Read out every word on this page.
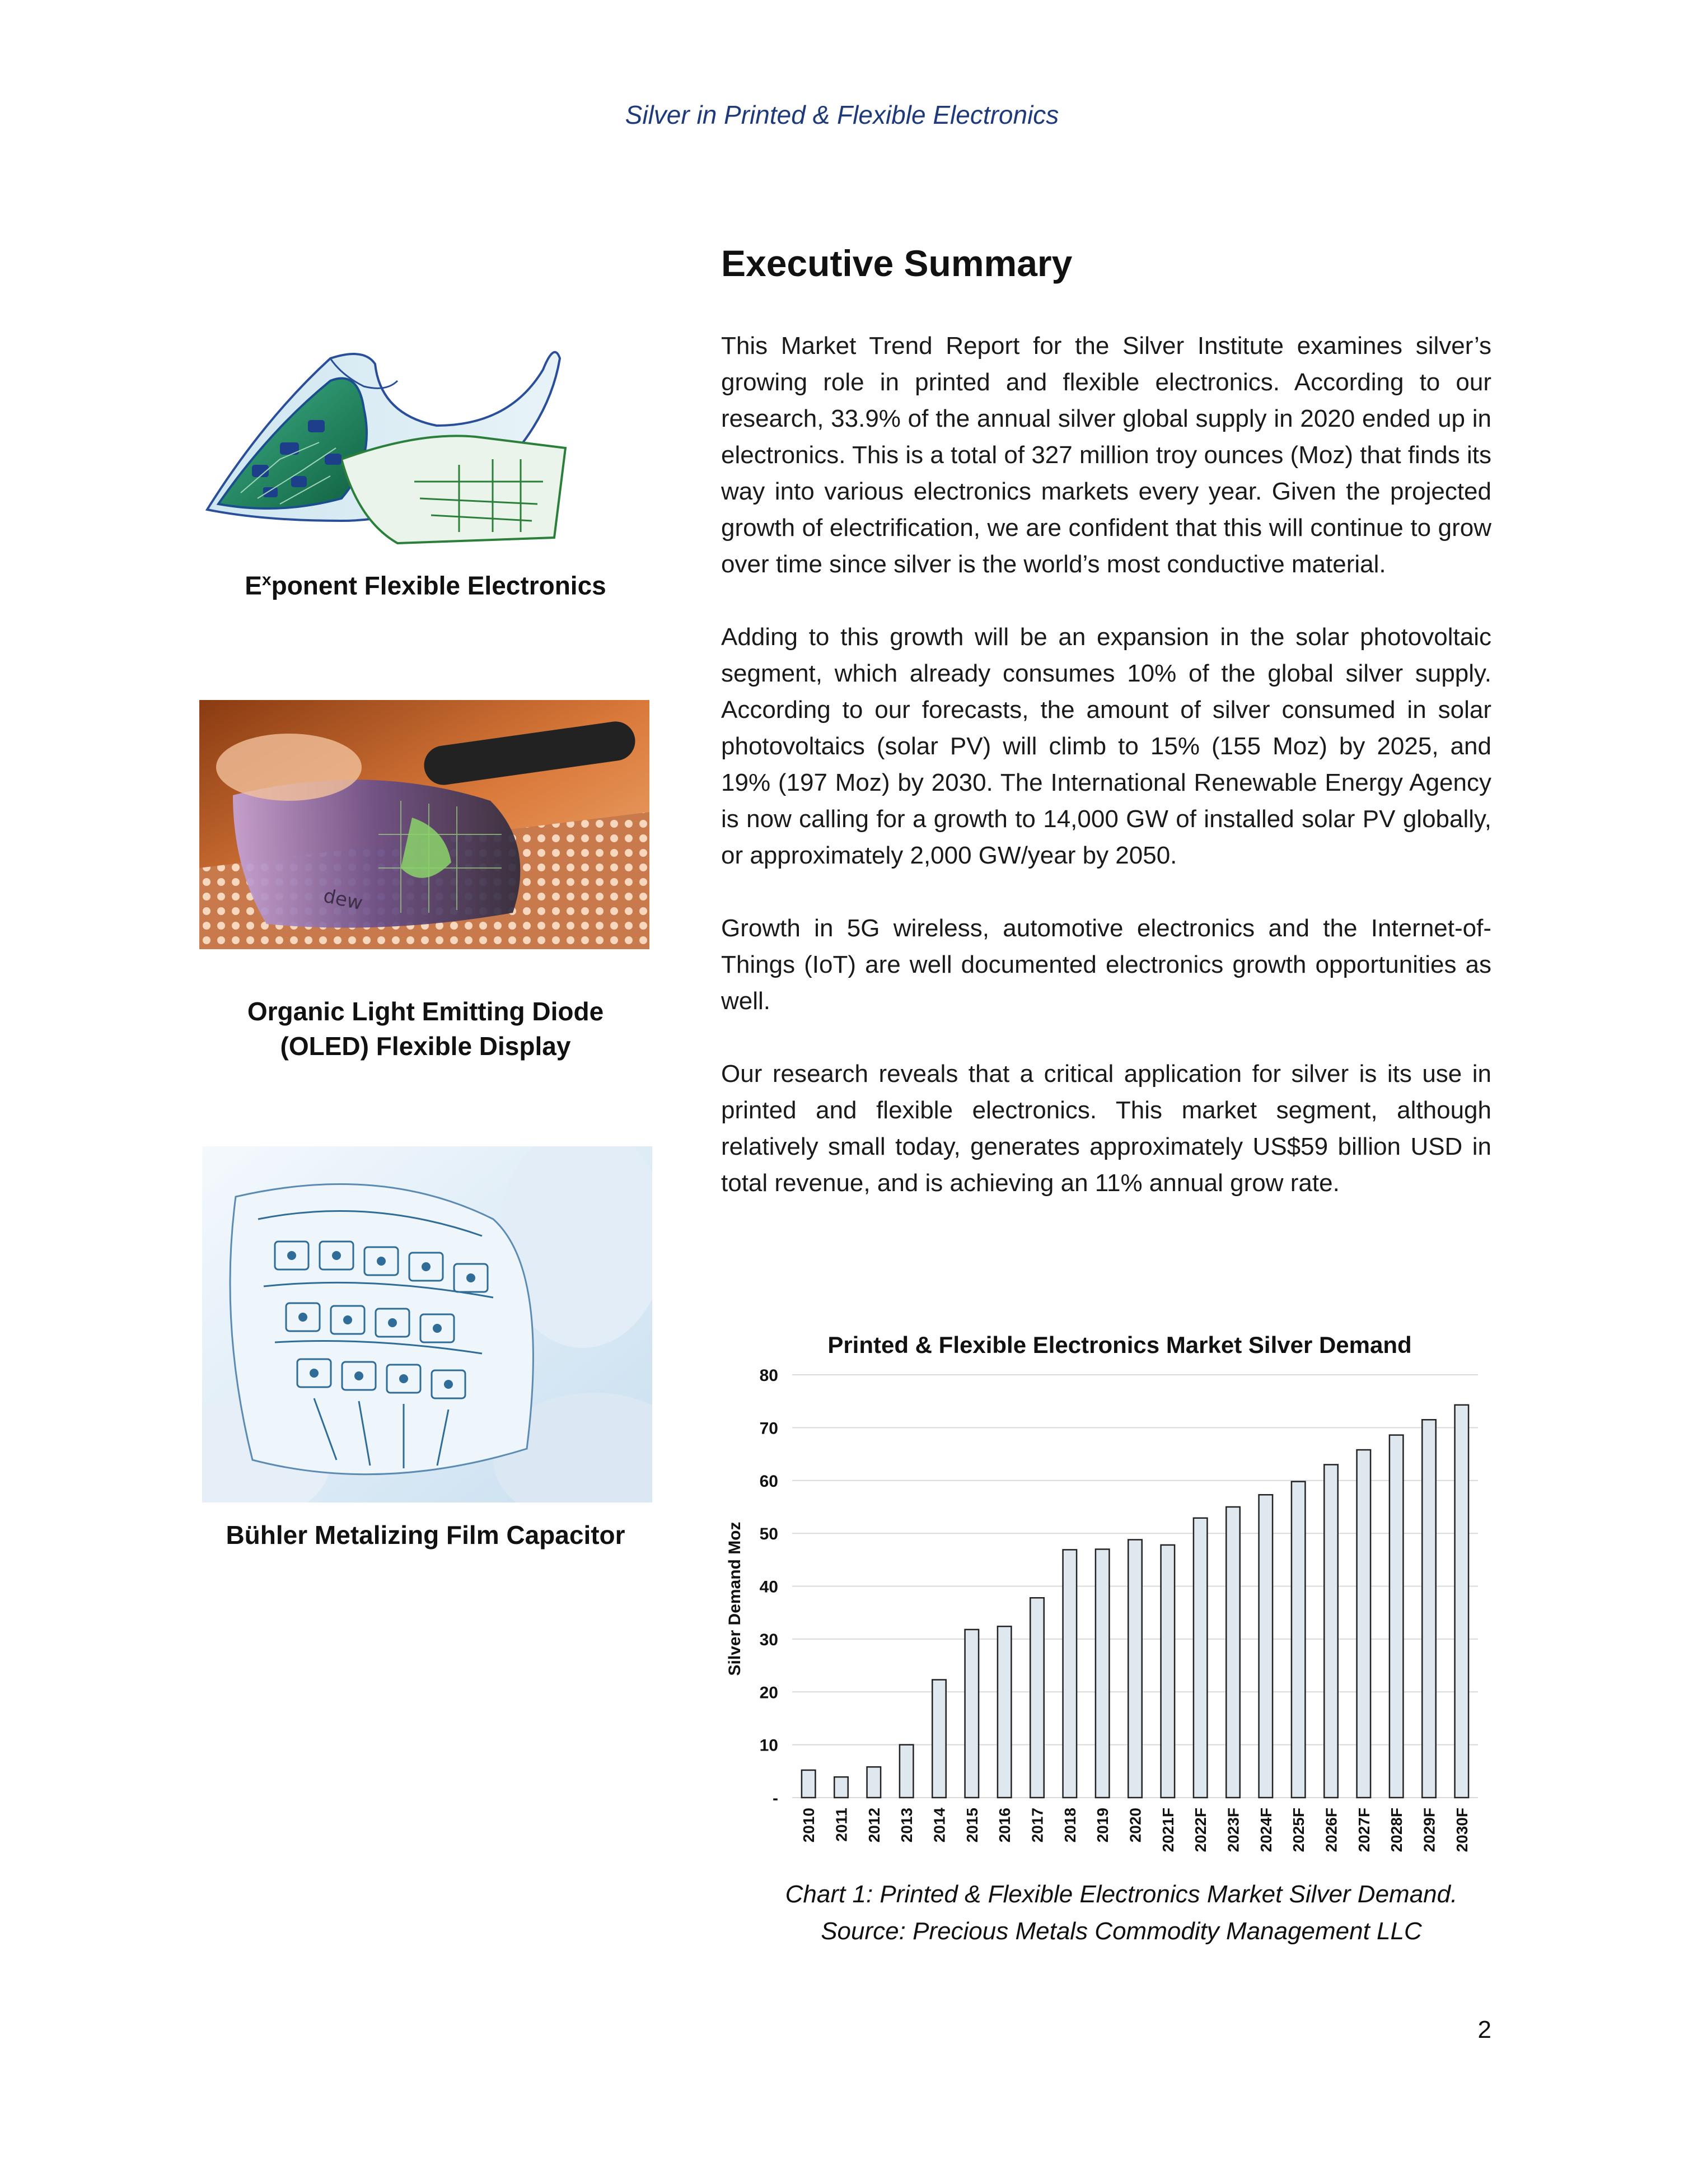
Silver in Printed & Flexible Electronics
Executive Summary

This Market Trend Report for the Silver Institute examines silver’s growing role in printed and flexible electronics. According to our research, 33.9% of the annual silver global supply in 2020 ended up in electronics. This is a total of 327 million troy ounces (Moz) that finds its way into various electronics markets every year. Given the projected growth of electrification, we are confident that this will continue to grow over time since silver is the world’s most conductive material.

Adding to this growth will be an expansion in the solar photovoltaic segment, which already consumes 10% of the global silver supply. According to our forecasts, the amount of silver consumed in solar photovoltaics (solar PV) will climb to 15% (155 Moz) by 2025, and 19% (197 Moz) by 2030. The International Renewable Energy Agency is now calling for a growth to 14,000 GW of installed solar PV globally, or approximately 2,000 GW/year by 2050.

Growth in 5G wireless, automotive electronics and the Internet-of-Things (IoT) are well documented electronics growth opportunities as well.

Our research reveals that a critical application for silver is its use in printed and flexible electronics. This market segment, although relatively small today, generates approximately US$59 billion USD in total revenue, and is achieving an 11% annual grow rate.

$E^xponent$ Flexible Electronics
dew
Organic Light Emitting Diode
(OLED) Flexible Display
Bühler Metalizing Film Capacitor
Printed & Flexible Electronics Market Silver Demand
Silver Demand Moz
-
10
20
30
40
50
60
70
80
2010 2011 2012 2013 2014 2015 2016 2017 2018 2019 2020 2021F 2022F 2023F 2024F 2025F 2026F 2027F 2028F 2029F 2030F
Chart 1: Printed & Flexible Electronics Market Silver Demand.
Source: Precious Metals Commodity Management LLC
2
